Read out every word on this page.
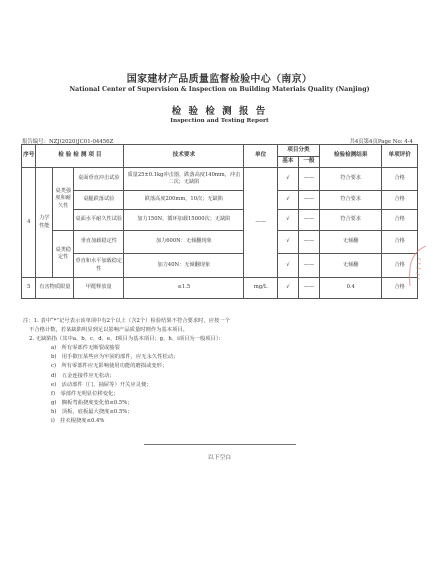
国家建材产品质量监督检验中心（南京）
National Center of Supervision & Inspection on Building Materials Quality (Nanjing)
检 验 检 测 报 告
Inspection and Testing Report
报告编号：NZJ(2020)JC01-04456Z	共4页第4页Page No: 4-4
序号	检 验 检 测 项 目			技术要求	单位	项目分类		检验检测结果	单项评价
						基本	一般		
4	力学性能	桌类强度和耐久性	桌面垂直冲击试验	质量25±0.1kg冲击器，跌落高度140mm，冲击二次；无缺陷	——	√	——	符合要求	合格
			桌腿跌落试验	跌落高度200mm，10次；无缺陷		√	——	符合要求	合格
			桌面水平耐久性试验	加力150N，循环加载15000次；无缺陷		√	——	符合要求	合格
		桌类稳定性	垂直加载稳定性	加力600N：无倾翻现象		√	——	无倾翻	合格
			垂直和水平加载稳定性	加力40N：无倾翻现象		√	——	无倾翻	合格
5	有害物质限量		甲醛释放量	≤1.5	mg/L	√	——	0.4	合格
注：1. 表中“*”记号表示该单项中有2个以上（含2个）检验结果不符合要求时，应按一个
不合格计数，若某缺陷明显到足以影响产品质量时则作为基本项目。
2. 无缺陷指（其中a、b、c、d、e、f项目为基本项目；g、h、i项目为一般项目）：
a)　所有零部件无断裂或豁裂
b)　用手揿压某些应为牢固的部件，应无永久性松动；
c)　所有零部件应无影响使用功能的磨损或变形；
d)　五金连接件应无松动；
e)　活动部件（门、抽屉等）开关应灵便；
f)　零部件无明显位移变化；
g)　搁板弯曲挠度变化值≤0.5%；
h)　顶板、底板最大挠度≤0.5%；
i)　挂衣棍挠度≤0.4%
以下空白
